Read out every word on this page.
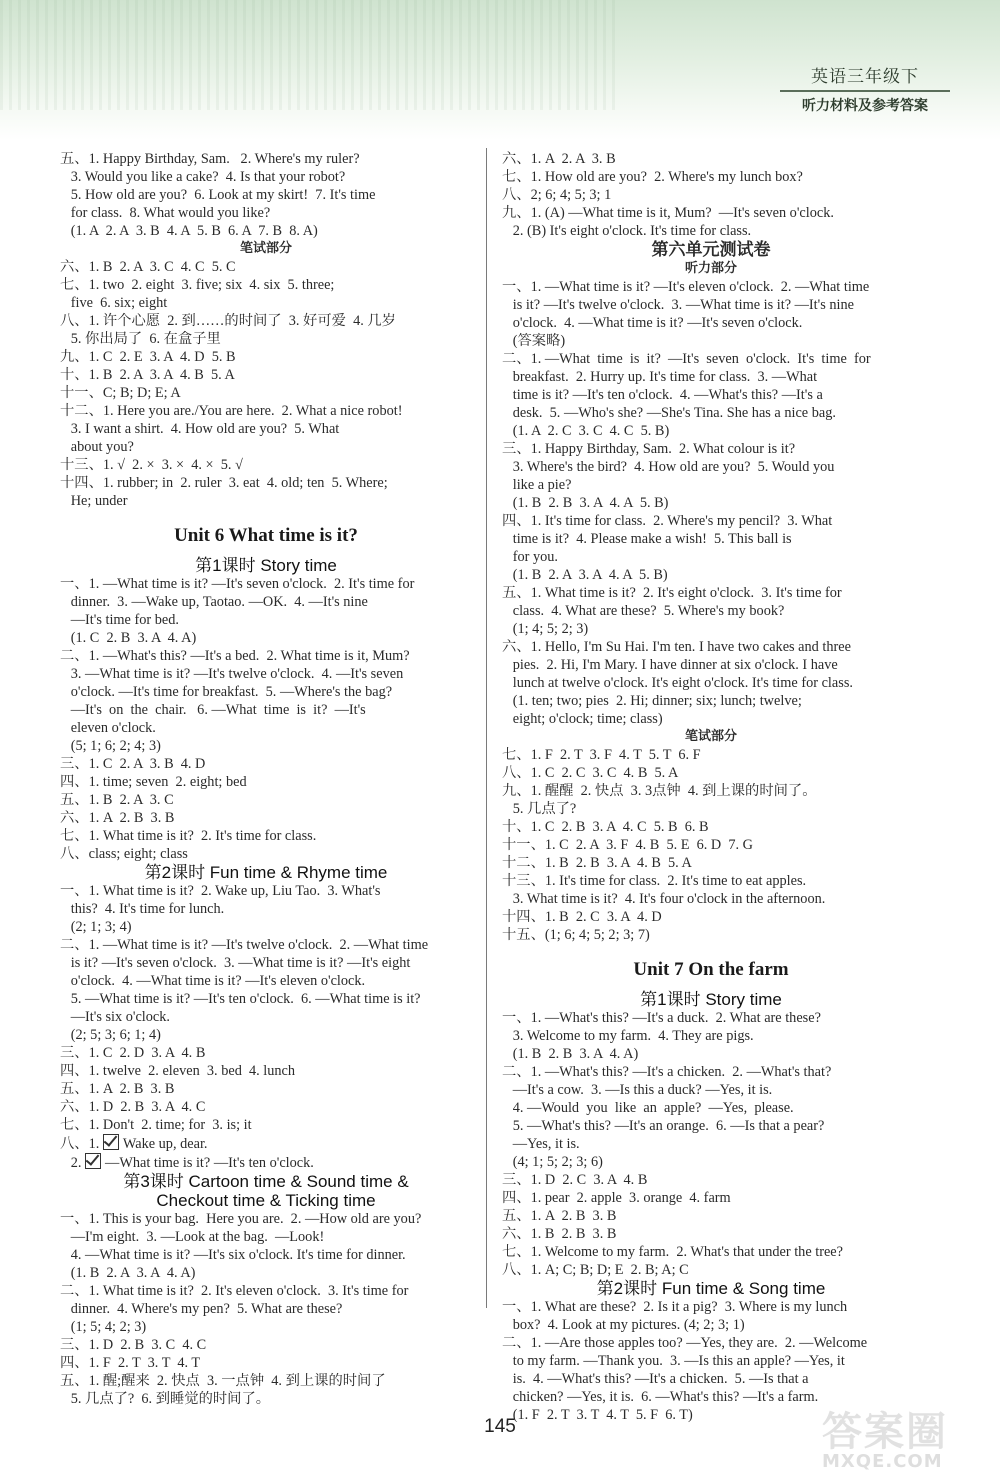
英语三年级下
听力材料及参考答案
五、1. Happy Birthday, Sam.   2. Where's my ruler?
3. Would you like a cake?  4. Is that your robot?
5. How old are you?  6. Look at my skirt!  7. It's time
for class.  8. What would you like?
(1. A  2. A  3. B  4. A  5. B  6. A  7. B  8. A)
笔试部分
六、1. B  2. A  3. C  4. C  5. C
七、1. two  2. eight  3. five; six  4. six  5. three;
five  6. six; eight
八、1. 许个心愿  2. 到……的时间了  3. 好可爱  4. 几岁
5. 你出局了  6. 在盒子里
九、1. C  2. E  3. A  4. D  5. B
十、1. B  2. A  3. A  4. B  5. A
十一、C; B; D; E; A
十二、1. Here you are./You are here.  2. What a nice robot!
3. I want a shirt.  4. How old are you?  5. What
about you?
十三、1. √  2. ×  3. ×  4. ×  5. √
十四、1. rubber; in  2. ruler  3. eat  4. old; ten  5. Where;
He; under
Unit 6 What time is it?
第1课时 Story time
一、1. —What time is it? —It's seven o'clock.  2. It's time for
dinner.  3. —Wake up, Taotao. —OK.  4. —It's nine
—It's time for bed.
(1. C  2. B  3. A  4. A)
二、1. —What's this? —It's a bed.  2. What time is it, Mum?
3. —What time is it? —It's twelve o'clock.  4. —It's seven
o'clock. —It's time for breakfast.  5. —Where's the bag?
—It's  on  the  chair.   6. —What  time  is  it?  —It's
eleven o'clock.
(5; 1; 6; 2; 4; 3)
三、1. C  2. A  3. B  4. D
四、1. time; seven  2. eight; bed
五、1. B  2. A  3. C
六、1. A  2. B  3. B
七、1. What time is it?  2. It's time for class.
八、class; eight; class
第2课时 Fun time & Rhyme time
一、1. What time is it?  2. Wake up, Liu Tao.  3. What's
this?  4. It's time for lunch.
(2; 1; 3; 4)
二、1. —What time is it? —It's twelve o'clock.  2. —What time
is it? —It's seven o'clock.  3. —What time is it? —It's eight
o'clock.  4. —What time is it? —It's eleven o'clock.
5. —What time is it? —It's ten o'clock.  6. —What time is it?
—It's six o'clock.
(2; 5; 3; 6; 1; 4)
三、1. C  2. D  3. A  4. B
四、1. twelve  2. eleven  3. bed  4. lunch
五、1. A  2. B  3. B
六、1. D  2. B  3. A  4. C
七、1. Don't  2. time; for  3. is; it
八、1. Wake up, dear.
2. —What time is it? —It's ten o'clock.
第3课时 Cartoon time & Sound time &
Checkout time & Ticking time
一、1. This is your bag.  Here you are.  2. —How old are you?
—I'm eight.  3. —Look at the bag.  —Look!
4. —What time is it? —It's six o'clock. It's time for dinner.
(1. B  2. A  3. A  4. A)
二、1. What time is it?  2. It's eleven o'clock.  3. It's time for
dinner.  4. Where's my pen?  5. What are these?
(1; 5; 4; 2; 3)
三、1. D  2. B  3. C  4. C
四、1. F  2. T  3. T  4. T
五、1. 醒;醒来  2. 快点  3. 一点钟  4. 到上课的时间了
5. 几点了?  6. 到睡觉的时间了。
六、1. A  2. A  3. B
七、1. How old are you?  2. Where's my lunch box?
八、2; 6; 4; 5; 3; 1
九、1. (A) —What time is it, Mum?  —It's seven o'clock.
2. (B) It's eight o'clock. It's time for class.
第六单元测试卷
听力部分
一、1. —What time is it? —It's eleven o'clock.  2. —What time
is it? —It's twelve o'clock.  3. —What time is it? —It's nine
o'clock.  4. —What time is it? —It's seven o'clock.
(答案略)
二、1. —What  time  is  it?  —It's  seven  o'clock.  It's  time  for
breakfast.  2. Hurry up. It's time for class.  3. —What
time is it? —It's ten o'clock.  4. —What's this? —It's a
desk.  5. —Who's she? —She's Tina. She has a nice bag.
(1. A  2. C  3. C  4. C  5. B)
三、1. Happy Birthday, Sam.  2. What colour is it?
3. Where's the bird?  4. How old are you?  5. Would you
like a pie?
(1. B  2. B  3. A  4. A  5. B)
四、1. It's time for class.  2. Where's my pencil?  3. What
time is it?  4. Please make a wish!  5. This ball is
for you.
(1. B  2. A  3. A  4. A  5. B)
五、1. What time is it?  2. It's eight o'clock.  3. It's time for
class.  4. What are these?  5. Where's my book?
(1; 4; 5; 2; 3)
六、1. Hello, I'm Su Hai. I'm ten. I have two cakes and three
pies.  2. Hi, I'm Mary. I have dinner at six o'clock. I have
lunch at twelve o'clock. It's eight o'clock. It's time for class.
(1. ten; two; pies  2. Hi; dinner; six; lunch; twelve;
eight; o'clock; time; class)
笔试部分
七、1. F  2. T  3. F  4. T  5. T  6. F
八、1. C  2. C  3. C  4. B  5. A
九、1. 醒醒  2. 快点  3. 3点钟  4. 到上课的时间了。
5. 几点了?
十、1. C  2. B  3. A  4. C  5. B  6. B
十一、1. C  2. A  3. F  4. B  5. E  6. D  7. G
十二、1. B  2. B  3. A  4. B  5. A
十三、1. It's time for class.  2. It's time to eat apples.
3. What time is it?  4. It's four o'clock in the afternoon.
十四、1. B  2. C  3. A  4. D
十五、(1; 6; 4; 5; 2; 3; 7)
Unit 7 On the farm
第1课时 Story time
一、1. —What's this? —It's a duck.  2. What are these?
3. Welcome to my farm.  4. They are pigs.
(1. B  2. B  3. A  4. A)
二、1. —What's this? —It's a chicken.  2. —What's that?
—It's a cow.  3. —Is this a duck? —Yes, it is.
4. —Would  you  like  an  apple?  —Yes,  please.
5. —What's this? —It's an orange.  6. —Is that a pear?
—Yes, it is.
(4; 1; 5; 2; 3; 6)
三、1. D  2. C  3. A  4. B
四、1. pear  2. apple  3. orange  4. farm
五、1. A  2. B  3. B
六、1. B  2. B  3. B
七、1. Welcome to my farm.  2. What's that under the tree?
八、1. A; C; B; D; E  2. B; A; C
第2课时 Fun time & Song time
一、1. What are these?  2. Is it a pig?  3. Where is my lunch
box?  4. Look at my pictures. (4; 2; 3; 1)
二、1. —Are those apples too? —Yes, they are.  2. —Welcome
to my farm. —Thank you.  3. —Is this an apple? —Yes, it
is.  4. —What's this? —It's a chicken.  5. —Is that a
chicken? —Yes, it is.  6. —What's this? —It's a farm.
(1. F  2. T  3. T  4. T  5. F  6. T)
145	答案圈
MXQE.COM
